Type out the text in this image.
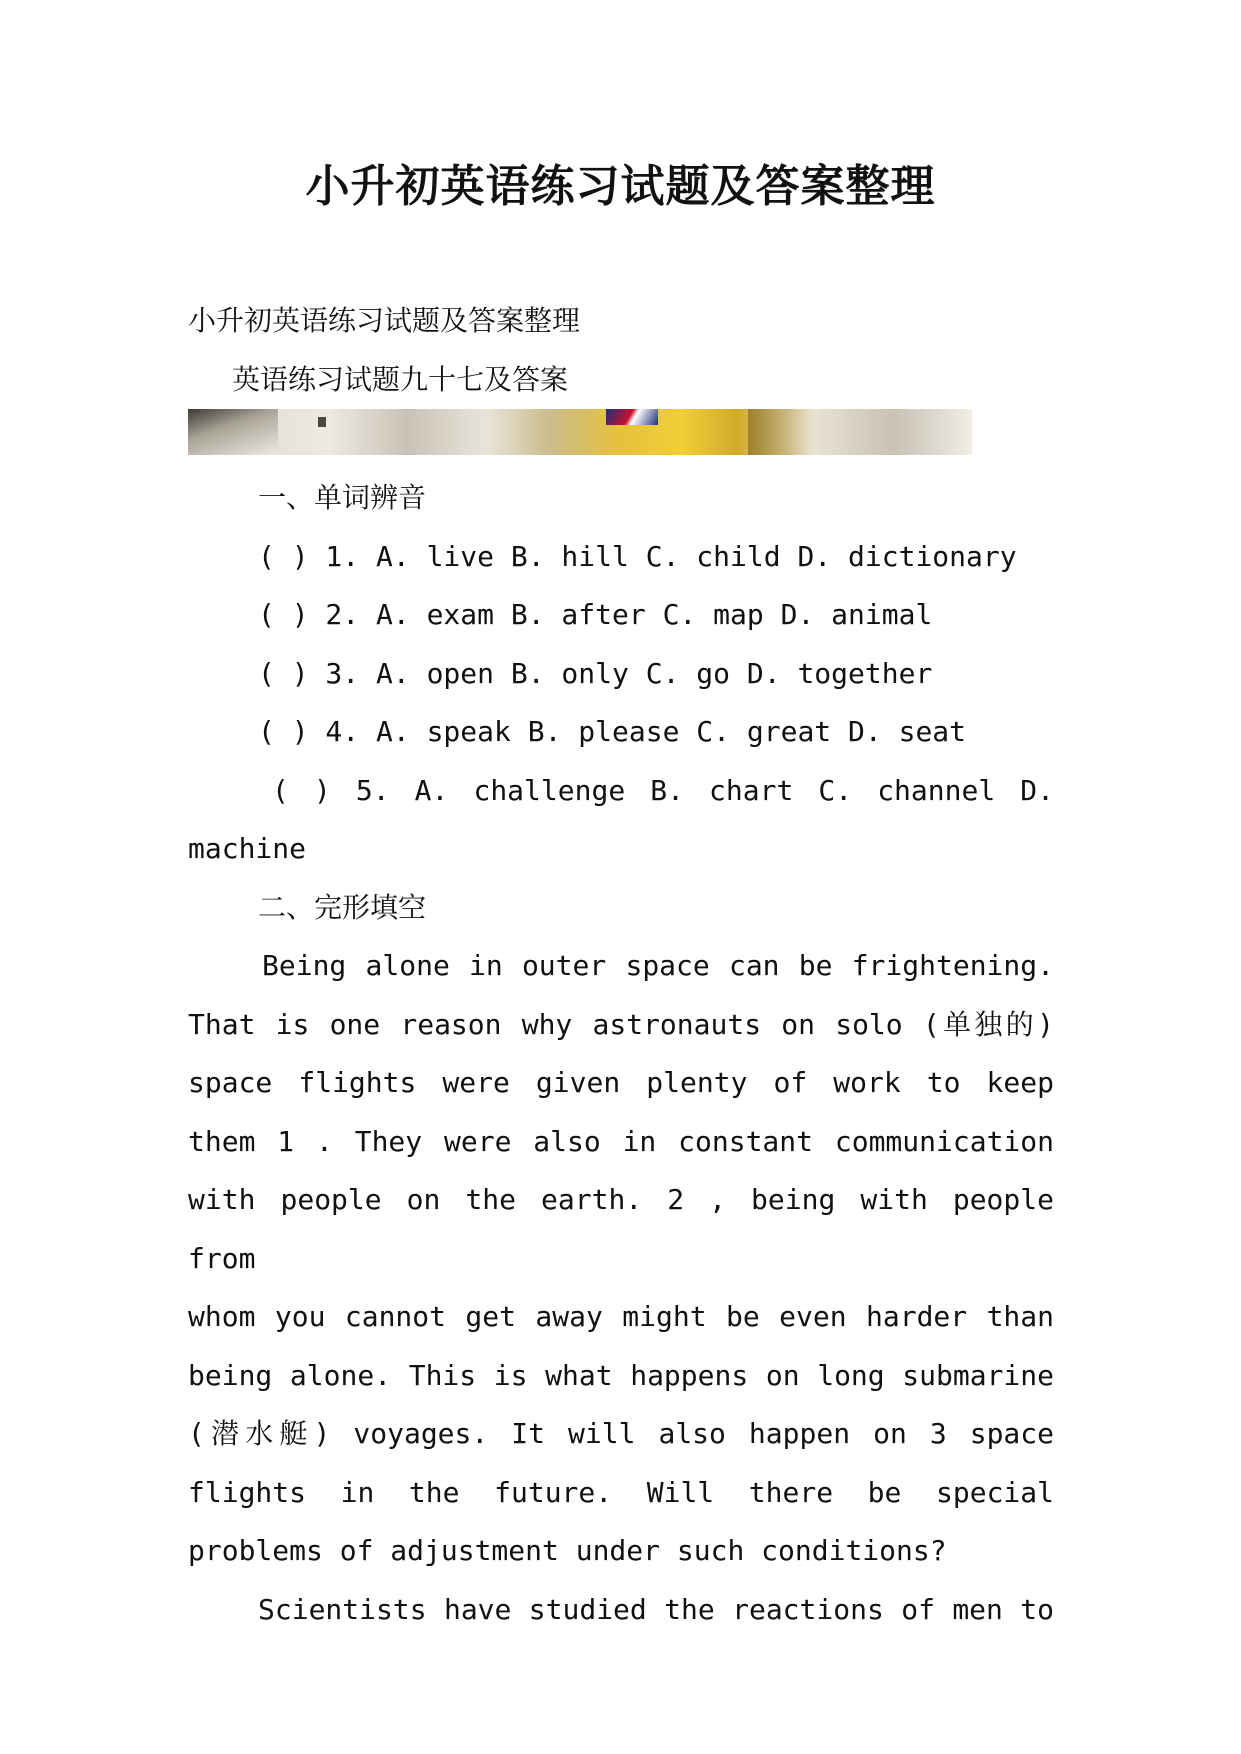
小升初英语练习试题及答案整理
小升初英语练习试题及答案整理
英语练习试题九十七及答案
一、单词辨音
( ) 1. A. live B. hill C. child D. dictionary
( ) 2. A. exam B. after C. map D. animal
( ) 3. A. open B. only C. go D. together
( ) 4. A. speak B. please C. great D. seat
( ) 5. A. challenge B. chart C. channel D.
machine
二、完形填空
Being alone in outer space can be frightening.
That is one reason why astronauts on solo (单独的)
space flights were given plenty of work to keep
them 1 . They were also in constant communication
with people on the earth. 2 , being with people from
whom you cannot get away might be even harder than
being alone. This is what happens on long submarine
(潜水艇) voyages. It will also happen on 3 space
flights in the future. Will there be special
problems of adjustment under such conditions?
Scientists have studied the reactions of men to
